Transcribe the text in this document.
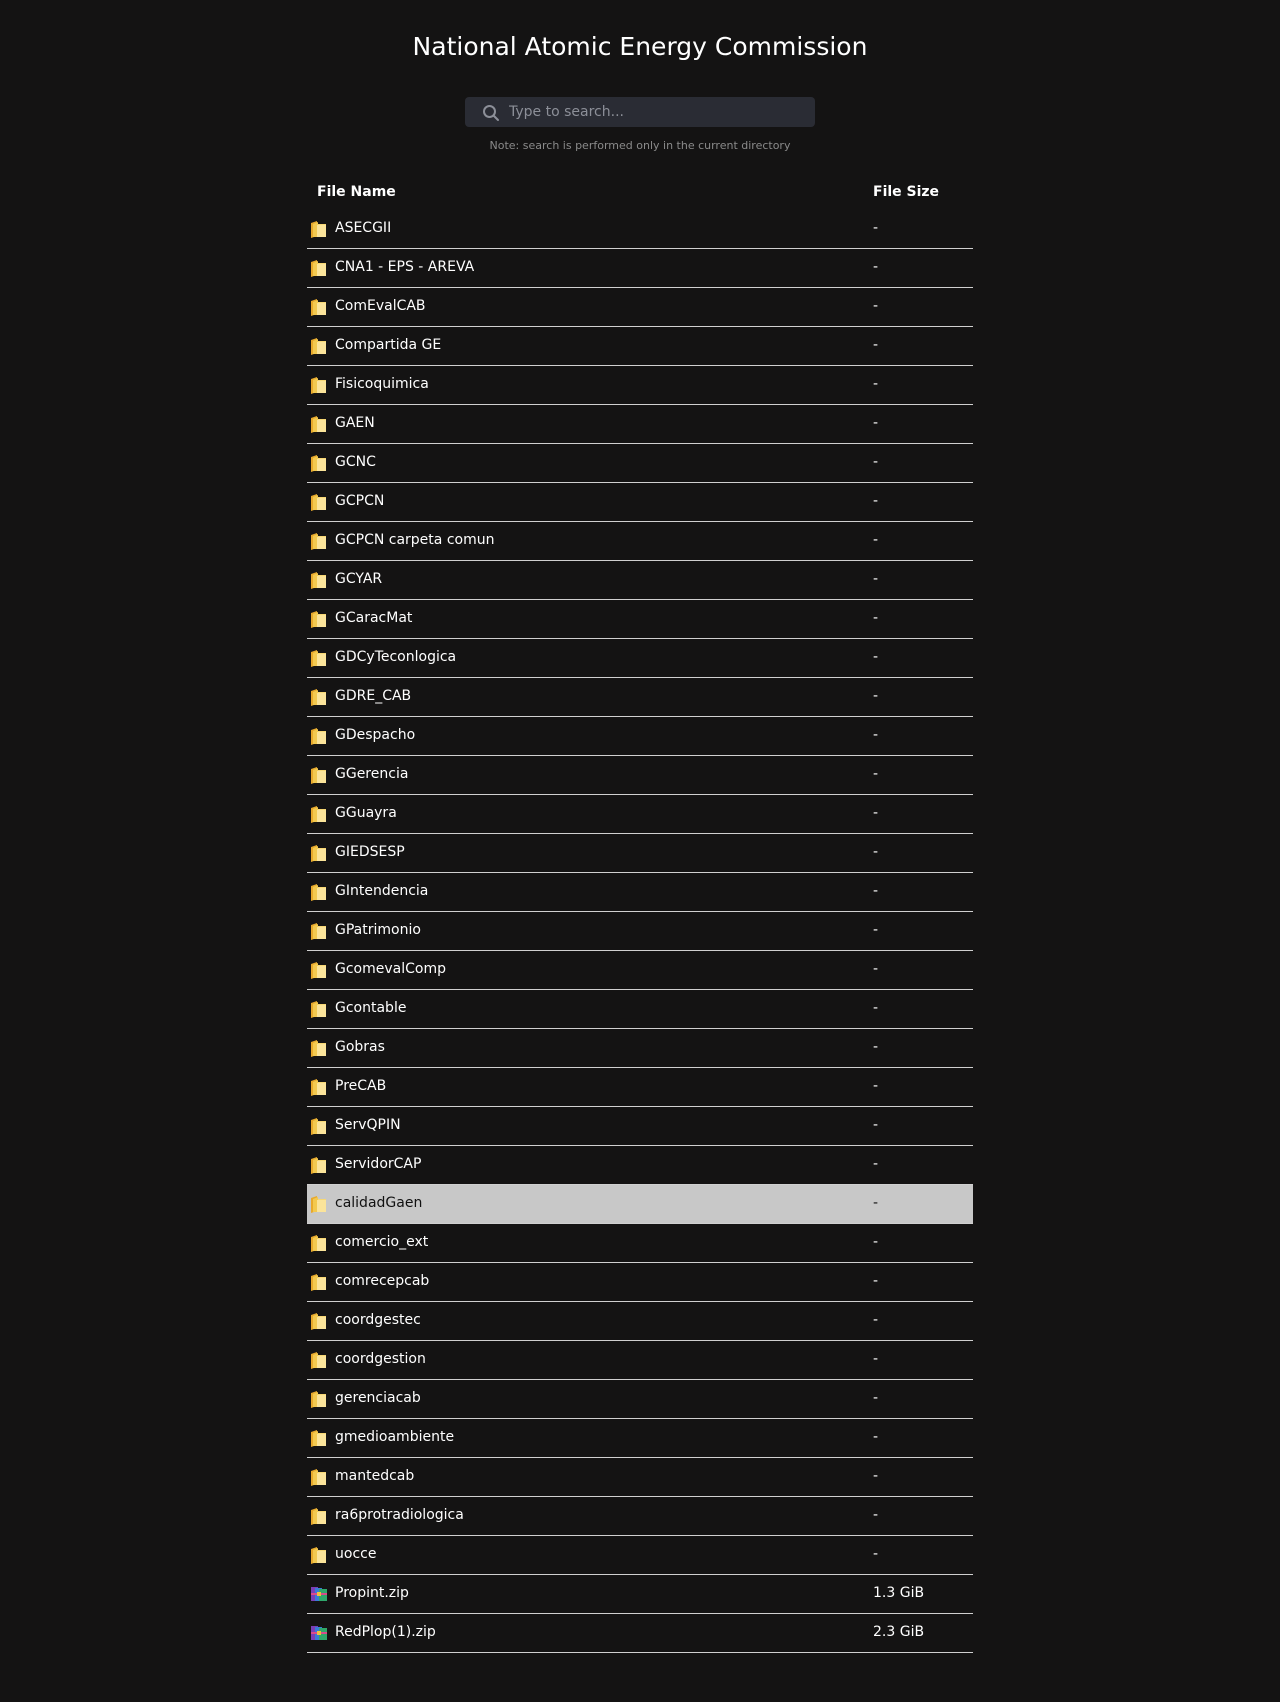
National Atomic Energy Commission
Type to search...
Note: search is performed only in the current directory
File Name	File Size
ASECGII	-
CNA1 - EPS - AREVA	-
ComEvalCAB	-
Compartida GE	-
Fisicoquimica	-
GAEN	-
GCNC	-
GCPCN	-
GCPCN carpeta comun	-
GCYAR	-
GCaracMat	-
GDCyTeconlogica	-
GDRE_CAB	-
GDespacho	-
GGerencia	-
GGuayra	-
GIEDSESP	-
GIntendencia	-
GPatrimonio	-
GcomevalComp	-
Gcontable	-
Gobras	-
PreCAB	-
ServQPIN	-
ServidorCAP	-
calidadGaen	-
comercio_ext	-
comrecepcab	-
coordgestec	-
coordgestion	-
gerenciacab	-
gmedioambiente	-
mantedcab	-
ra6protradiologica	-
uocce	-
Propint.zip	1.3 GiB
RedPlop(1).zip	2.3 GiB
